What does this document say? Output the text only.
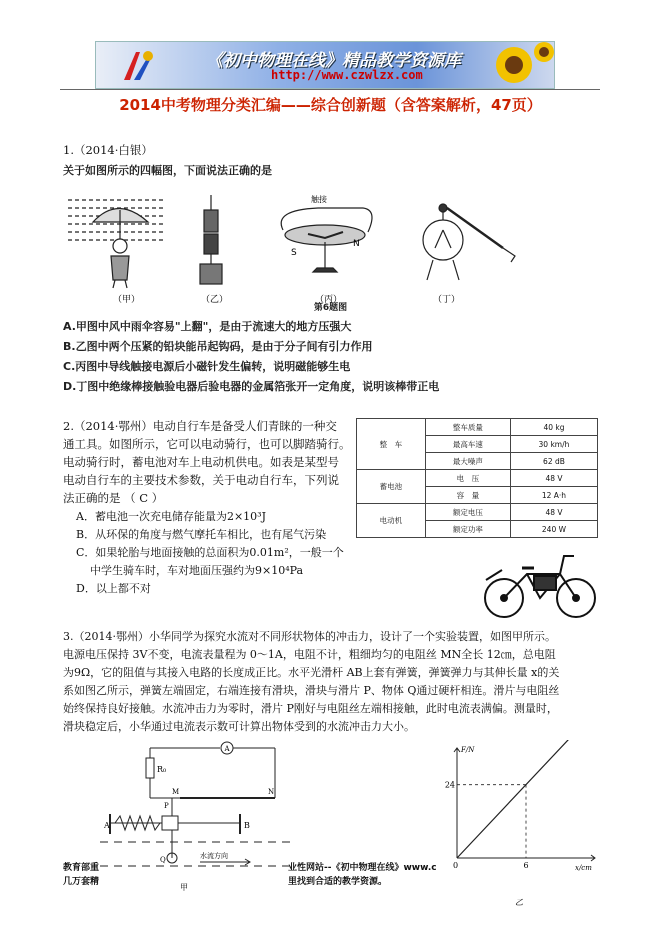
《初中物理在线》精品教学资源库
http://www.czwlzx.com
2014中考物理分类汇编——综合创新题（含答案解析，47页）
1.（2014·白银）
关于如图所示的四幅图，下面说法正确的是
触接
S
N
（甲）	（乙）	（丙）	（丁）
第6题图
A.甲图中风中雨伞容易"上翻"，是由于流速大的地方压强大
B.乙图中两个压紧的铅块能吊起钩码，是由于分子间有引力作用
C.丙图中导线触接电源后小磁针发生偏转，说明磁能够生电
D.丁图中绝缘棒接触验电器后验电器的金属箔张开一定角度，说明该棒带正电
2.（2014·鄂州）电动自行车是备受人们青睐的一种交
通工具。如图所示，它可以电动骑行，也可以脚踏骑行。
电动骑行时，蓄电池对车上电动机供电。如表是某型号
电动自行车的主要技术参数，关于电动自行车，下列说
法正确的是 （ C ）
A．蓄电池一次充电储存能量为2×10³J
B．从环保的角度与燃气摩托车相比，也有尾气污染
C．如果轮胎与地面接触的总面积为0.01m²，一般一个
中学生骑车时，车对地面压强约为9×10⁴Pa
D．以上都不对
整　车	整车质量	40 kg
	最高车速	30 km/h
	最大噪声	62 dB
蓄电池	电　压	48 V
	容　量	12 A·h
电动机	额定电压	48 V
	额定功率	240 W
3.（2014·鄂州）小华同学为探究水流对不同形状物体的冲击力，设计了一个实验装置，如图甲所示。
电源电压保持 3V不变，电流表量程为 0～1A，电阻不计，粗细均匀的电阻丝 MN全长 12㎝，总电阻
为9Ω，它的阻值与其接入电路的长度成正比。水平光滑杆 AB上套有弹簧，弹簧弹力与其伸长量 x的关
系如图乙所示，弹簧左端固定，右端连接有滑块，滑块与滑片 P、物体 Q通过硬杆相连。滑片与电阻丝
始终保持良好接触。水流冲击力为零时，滑片 P刚好与电阻丝左端相接触，此时电流表满偏。测量时，
滑块稳定后，小华通过电流表示数可计算出物体受到的水流冲击力大小。
A
R₀
M	N
P
A	B
Q	水流方向
甲
教育部重
几万套精
业性网站--《初中物理在线》www.c
里找到合适的教学资源。
F/N
x/cm
24
6
0
乙
